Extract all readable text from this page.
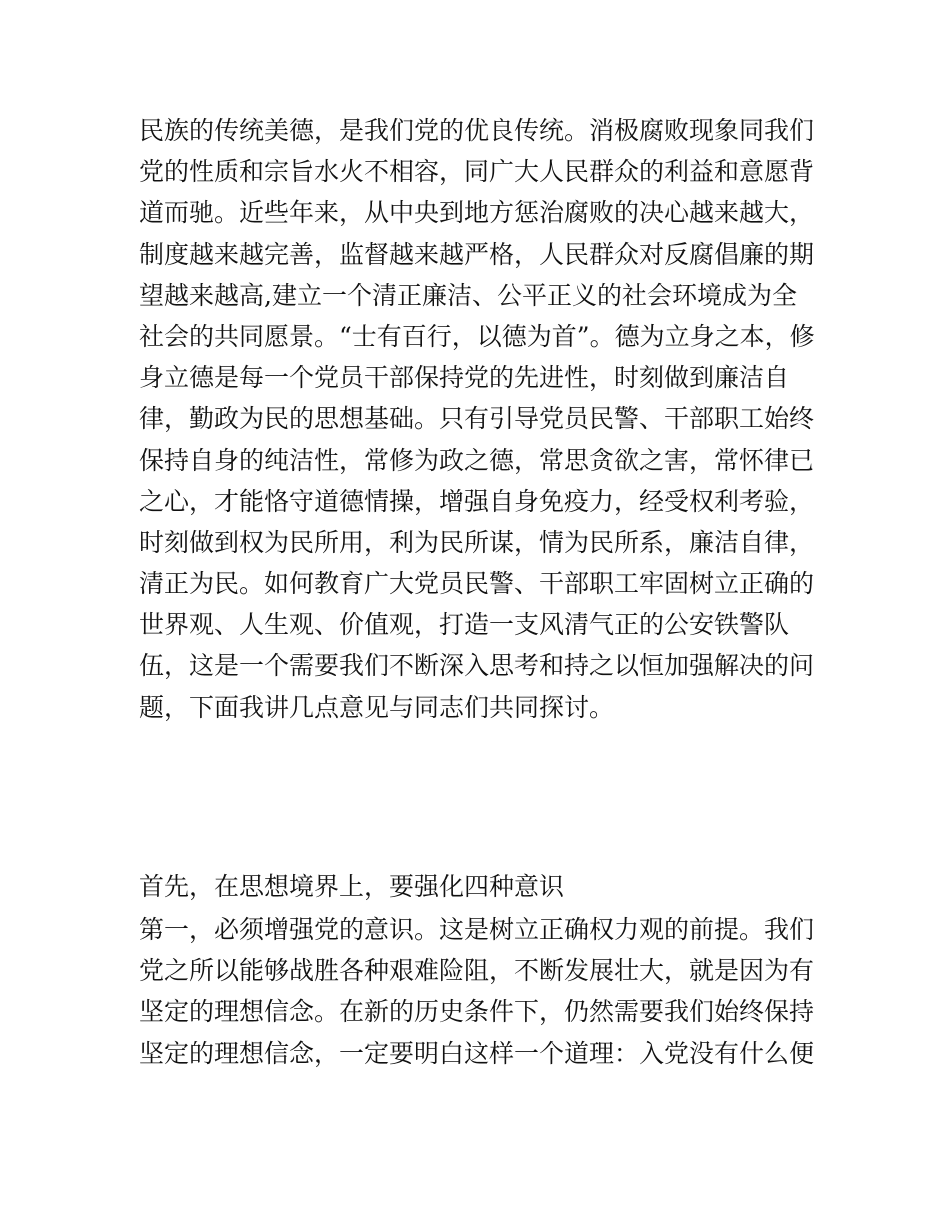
民族的传统美德，是我们党的优良传统。消极腐败现象同我们
党的性质和宗旨水火不相容，同广大人民群众的利益和意愿背
道而驰。近些年来，从中央到地方惩治腐败的决心越来越大，
制度越来越完善，监督越来越严格，人民群众对反腐倡廉的期
望越来越高,建立一个清正廉洁、公平正义的社会环境成为全
社会的共同愿景。“士有百行，以德为首”。德为立身之本，修
身立德是每一个党员干部保持党的先进性，时刻做到廉洁自
律，勤政为民的思想基础。只有引导党员民警、干部职工始终
保持自身的纯洁性，常修为政之德，常思贪欲之害，常怀律已
之心，才能恪守道德情操，增强自身免疫力，经受权利考验，
时刻做到权为民所用，利为民所谋，情为民所系，廉洁自律，
清正为民。如何教育广大党员民警、干部职工牢固树立正确的
世界观、人生观、价值观，打造一支风清气正的公安铁警队
伍，这是一个需要我们不断深入思考和持之以恒加强解决的问
题，下面我讲几点意见与同志们共同探讨。
首先，在思想境界上，要强化四种意识
第一，必须增强党的意识。这是树立正确权力观的前提。我们
党之所以能够战胜各种艰难险阻，不断发展壮大，就是因为有
坚定的理想信念。在新的历史条件下，仍然需要我们始终保持
坚定的理想信念，一定要明白这样一个道理：入党没有什么便
